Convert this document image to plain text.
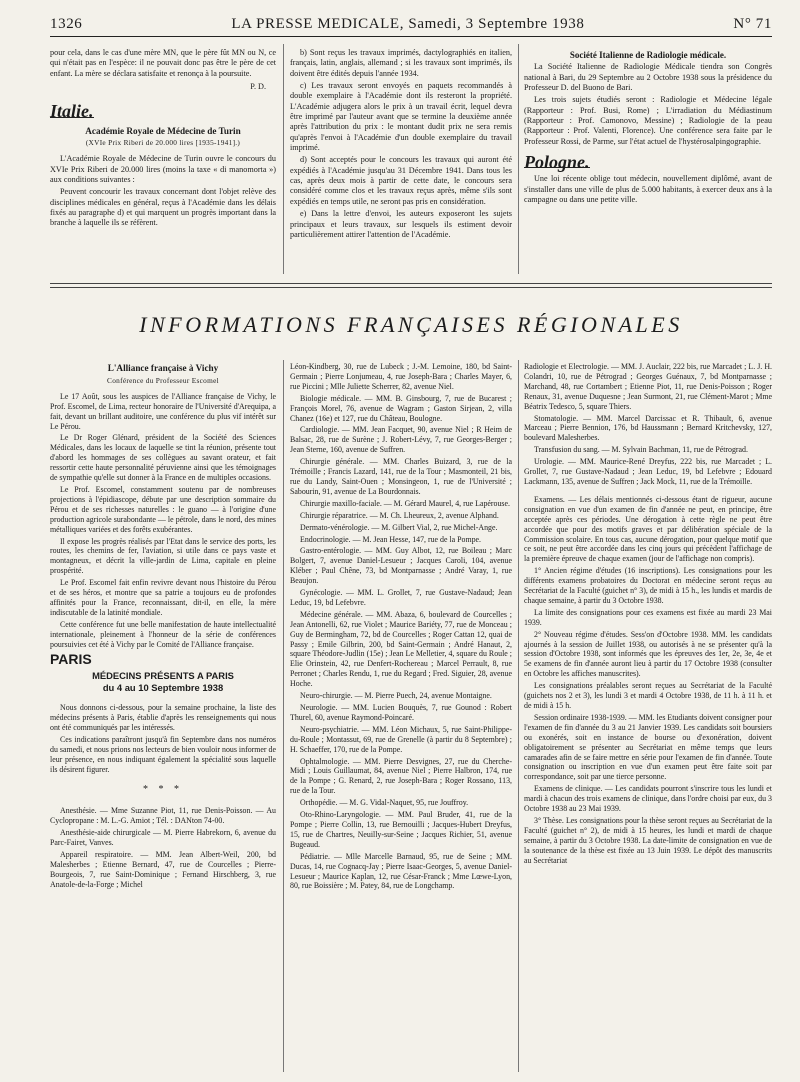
1326	LA PRESSE MEDICALE, Samedi, 3 Septembre 1938	N° 71

pour cela, dans le cas d'une mère MN, que le père fût MN ou N, ce qui n'était pas en l'espèce: il ne pouvait donc pas être le père de cet enfant. La mère se déclara satisfaite et renonça à la poursuite.

P. D.
Italie.
Académie Royale de Médecine de Turin
(XVIe Prix Riberi de 20.000 lires [1935-1941].)

L'Académie Royale de Médecine de Turin ouvre le concours du XVIe Prix Riberi de 20.000 lires (moins la taxe « di manomorta ») aux conditions suivantes :

Peuvent concourir les travaux concernant dont l'objet relève des disciplines médicales en général, reçus à l'Académie dans les délais fixés au paragraphe d) et qui marquent un progrès important dans la branche à laquelle ils se réfèrent.

b) Sont reçus les travaux imprimés, dactylographiés en italien, français, latin, anglais, allemand ; si les travaux sont imprimés, ils doivent être édités depuis l'année 1934.

c) Les travaux seront envoyés en paquets recommandés à double exemplaire à l'Académie dont ils resteront la propriété. L'Académie adjugera alors le prix à un travail écrit, lequel devra être imprimé par l'auteur avant que se termine la deuxième année après l'attribution du prix : le montant dudit prix ne sera remis qu'après l'envoi à l'Académie d'un double exemplaire du travail imprimé.

d) Sont acceptés pour le concours les travaux qui auront été expédiés à l'Académie jusqu'au 31 Décembre 1941. Dans tous les cas, après deux mois à partir de cette date, le concours sera considéré comme clos et les travaux reçus après, même s'ils sont expédiés en temps utile, ne seront pas pris en considération.

e) Dans la lettre d'envoi, les auteurs exposeront les sujets principaux et leurs travaux, sur lesquels ils estiment devoir particulièrement attirer l'attention de l'Académie.

Société Italienne de Radiologie médicale.

La Société Italienne de Radiologie Médicale tiendra son Congrès national à Bari, du 29 Septembre au 2 Octobre 1938 sous la présidence du Professeur D. del Buono de Bari.

Les trois sujets étudiés seront : Radiologie et Médecine légale (Rapporteur : Prof. Busi, Rome) ; L'irradiation du Médiastinum (Rapporteur : Prof. Camonovo, Messine) ; Radiologie de la peau (Rapporteur : Prof. Valenti, Florence). Une conférence sera faite par le Professeur Rossi, de Parme, sur l'état actuel de l'hystérosalpingographie.

Pologne.

Une loi récente oblige tout médecin, nouvellement diplômé, avant de s'installer dans une ville de plus de 5.000 habitants, à exercer deux ans à la campagne ou dans une petite ville.

INFORMATIONS FRANÇAISES RÉGIONALES
L'Alliance française à Vichy
Conférence du Professeur Escomel

Le 17 Août, sous les auspices de l'Alliance française de Vichy, le Prof. Escomel, de Lima, recteur honoraire de l'Université d'Arequipa, a fait, devant un brillant auditoire, une conférence du plus vif intérêt sur Le Pérou.

Le Dr Roger Glénard, président de la Société des Sciences Médicales, dans les locaux de laquelle se tint la réunion, présente tout d'abord les hommages de ses collègues au savant orateur, et fait ressortir cette haute personnalité péruvienne ainsi que les témoignages de sympathie qu'elle sut donner à la France en de multiples occasions.

Le Prof. Escomel, constamment soutenu par de nombreuses projections à l'épidiascope, débute par une description sommaire du Pérou et de ses richesses naturelles : le guano — à l'origine d'une production agricole surabondante — le pétrole, dans le nord, des mines métalliques variées et des forêts exubérantes.

Il expose les progrès réalisés par l'Etat dans le service des ports, les routes, les chemins de fer, l'aviation, si utile dans ce pays vaste et montagneux, et décrit la ville-jardin de Lima, capitale en pleine prospérité.

Le Prof. Escomel fait enfin revivre devant nous l'histoire du Pérou et de ses héros, et montre que sa patrie a toujours eu de profondes affinités pour la France, reconnaissant, dit-il, en elle, la mère indiscutable de la latinité mondiale.

Cette conférence fut une belle manifestation de haute intellectualité internationale, pleinement à l'honneur de la série de conférences poursuivies cet été à Vichy par le Comité de l'Alliance française.

PARIS
MÉDECINS PRÉSENTS A PARIS
du 4 au 10 Septembre 1938

Nous donnons ci-dessous, pour la semaine prochaine, la liste des médecins présents à Paris, établie d'après les renseignements qui nous ont été communiqués par les intéressés.

Ces indications paraîtront jusqu'à fin Septembre dans nos numéros du samedi, et nous prions nos lecteurs de bien vouloir nous informer de leur présence, en nous indiquant également la spécialité sous laquelle ils désirent figurer.

* * *

Anesthésie. — Mme Suzanne Piot, 11, rue Denis-Poisson. — Au Cyclopropane : M. L.-G. Amiot ; Tél. : DANton 74-00.

Anesthésie-aide chirurgicale — M. Pierre Habrekorn, 6, avenue du Parc-Fairet, Vanves.

Appareil respiratoire. — MM. Jean Albert-Weil, 200, bd Malesherbes ; Etienne Bernard, 47, rue de Courcelles ; Pierre-Bourgeois, 7, rue Saint-Dominique ; Fernand Hirschberg, 3, rue Anatole-de-la-Forge ; Michel

Léon-Kindberg, 30, rue de Lubeck ; J.-M. Lemoine, 180, bd Saint-Germain ; Pierre Lonjumeau, 4, rue Joseph-Bara ; Charles Mayer, 6, rue Piccini ; Mlle Juliette Scherrer, 82, avenue Niel.

Biologie médicale. — MM. B. Ginsbourg, 7, rue de Bucarest ; François Morel, 76, avenue de Wagram ; Gaston Sirjean, 2, villa Chanez (16e) et 127, rue du Château, Boulogne.

Cardiologie. — MM. Jean Facquet, 90, avenue Niel ; R Heim de Balsac, 28, rue de Surène ; J. Robert-Lévy, 7, rue Georges-Berger ; Jean Sterne, 160, avenue de Suffren.

Chirurgie générale. — MM. Charles Buizard, 3, rue de la Trémoille ; Francis Lazard, 141, rue de la Tour ; Masmonteil, 21 bis, rue du Landy, Saint-Ouen ; Monsingeon, 1, rue de l'Université ; Sabourin, 91, avenue de La Bourdonnais.

Chirurgie maxillo-faciale. — M. Gérard Maurel, 4, rue Lapérouse.

Chirurgie réparatrice. — M. Ch. Lheureux, 2, avenue Alphand.

Dermato-vénérologie. — M. Gilbert Vial, 2, rue Michel-Ange.

Endocrinologie. — M. Jean Hesse, 147, rue de la Pompe.

Gastro-entérologie. — MM. Guy Albot, 12, rue Boileau ; Marc Bolgert, 7, avenue Daniel-Lesueur ; Jacques Caroli, 104, avenue Kléber ; Paul Chêne, 73, bd Montparnasse ; André Varay, 1, rue Beaujon.

Gynécologie. — MM. L. Grollet, 7, rue Gustave-Nadaud; Jean Leduc, 19, bd Lefebvre.

Médecine générale. — MM. Abaza, 6, boulevard de Courcelles ; Jean Antonelli, 62, rue Violet ; Maurice Bariéty, 77, rue de Monceau ; Guy de Bermingham, 72, bd de Courcelles ; Roger Cattan 12, quai de Passy ; Emile Gilbrin, 200, bd Saint-Germain ; André Hanaut, 2, square Théodore-Judlin (15e) ; Jean Le Melletier, 4, square du Roule ; Elie Orinstein, 42, rue Denfert-Rochereau ; Marcel Perrault, 8, rue Perronet ; Charles Rendu, 1, rue du Regard ; Fred. Siguier, 28, avenue Hoche.

Neuro-chirurgie. — M. Pierre Puech, 24, avenue Montaigne.

Neurologie. — MM. Lucien Bouquès, 7, rue Gounod : Robert Thurel, 60, avenue Raymond-Poincaré.

Neuro-psychiatrie. — MM. Léon Michaux, 5, rue Saint-Philippe-du-Roule ; Montassut, 69, rue de Grenelle (à partir du 8 Septembre) ; H. Schaeffer, 170, rue de la Pompe.

Ophtalmologie. — MM. Pierre Desvignes, 27, rue du Cherche-Midi ; Louis Guillaumat, 84, avenue Niel ; Pierre Halbron, 174, rue de la Pompe ; G. Renard, 2, rue Joseph-Bara ; Roger Rossano, 113, rue de la Tour.

Orthopédie. — M. G. Vidal-Naquet, 95, rue Jouffroy.

Oto-Rhino-Laryngologie. — MM. Paul Bruder, 41, rue de la Pompe ; Pierre Collin, 13, rue Bernouilli ; Jacques-Hubert Dreyfus, 15, rue de Chartres, Neuilly-sur-Seine ; Jacques Richier, 51, avenue Bugeaud.

Pédiatrie. — Mlle Marcelle Barnaud, 95, rue de Seine ; MM. Ducas, 14, rue Cognacq-Jay ; Pierre Isaac-Georges, 5, avenue Daniel-Lesueur ; Maurice Kaplan, 12, rue César-Franck ; Mme Lœwe-Lyon, 80, rue Boissière ; M. Patey, 84, rue de Longchamp.

Radiologie et Electrologie. — MM. J. Auclair, 222 bis, rue Marcadet ; L. J. H. Colandri, 10, rue de Pétrograd ; Georges Guénaux, 7, bd Montparnasse ; Marchand, 48, rue Cortambert ; Etienne Piot, 11, rue Denis-Poisson ; Roger Renaux, 31, avenue Duquesne ; Jean Surmont, 21, rue Clément-Marot ; Mme Béatrix Tedesco, 5, square Thiers.

Stomatologie. — MM. Marcel Darcissac et R. Thibault, 6, avenue Marceau ; Pierre Bennion, 176, bd Haussmann ; Bernard Kritchevsky, 127, boulevard Malesherbes.

Transfusion du sang. — M. Sylvain Bachman, 11, rue de Pétrograd.

Urologie. — MM. Maurice-René Dreyfus, 222 bis, rue Marcadet ; L. Grollet, 7, rue Gustave-Nadaud ; Jean Leduc, 19, bd Lefebvre ; Edouard Lackmann, 135, avenue de Suffren ; Jack Mock, 11, rue de la Trémoille.

Examens. — Les délais mentionnés ci-dessous étant de rigueur, aucune consignation en vue d'un examen de fin d'année ne peut, en principe, être acceptée après ces périodes. Une dérogation à cette règle ne peut être accordée que pour des motifs graves et par délibération spéciale de la Commission scolaire. En tous cas, aucune dérogation, pour quelque motif que ce soit, ne peut être accordée dans les cinq jours qui précèdent l'affichage de la première épreuve de chaque examen (jour de l'affichage non compris).

1° Ancien régime d'études (16 inscriptions). Les consignations pour les différents examens probatoires du Doctorat en médecine seront reçus au Secrétariat de la Faculté (guichet n° 3), de midi à 15 h., les lundis et mardis de chaque semaine, à partir du 3 Octobre 1938.

La limite des consignations pour ces examens est fixée au mardi 23 Mai 1939.

2° Nouveau régime d'études. Sess'on d'Octobre 1938. MM. les candidats ajournés à la session de Juillet 1938, ou autorisés à ne se présenter qu'à la session d'Octobre 1938, sont informés que les épreuves des 1er, 2e, 3e, 4e et 5e examens de fin d'année auront lieu à partir du 17 Octobre 1938 (consulter en Octobre les affiches manuscrites).

Les consignations préalables seront reçues au Secrétariat de la Faculté (guichets nos 2 et 3), les lundi 3 et mardi 4 Octobre 1938, de 11 h. à 11 h. et de midi à 15 h.

Session ordinaire 1938-1939. — MM. les Etudiants doivent consigner pour l'examen de fin d'année du 3 au 21 Janvier 1939. Les candidats soit boursiers ou exonérés, soit en instance de bourse ou d'exonération, doivent obligatoirement se présenter au Secrétariat en même temps que leurs camarades afin de se faire mettre en série pour l'examen de fin d'année. Toute consignation ou inscription en vue d'un examen peut être faite soit par correspondance, soit par une tierce personne.

Examens de clinique. — Les candidats pourront s'inscrire tous les lundi et mardi à chacun des trois examens de clinique, dans l'ordre choisi par eux, du 3 Octobre 1938 au 23 Mai 1939.

3° Thèse. Les consignations pour la thèse seront reçues au Secrétariat de la Faculté (guichet n° 2), de midi à 15 heures, les lundi et mardi de chaque semaine, à partir du 3 Octobre 1938. La date-limite de consignation en vue de la soutenance de la thèse est fixée au 13 Juin 1939. Le dépôt des manuscrits au Secrétariat
